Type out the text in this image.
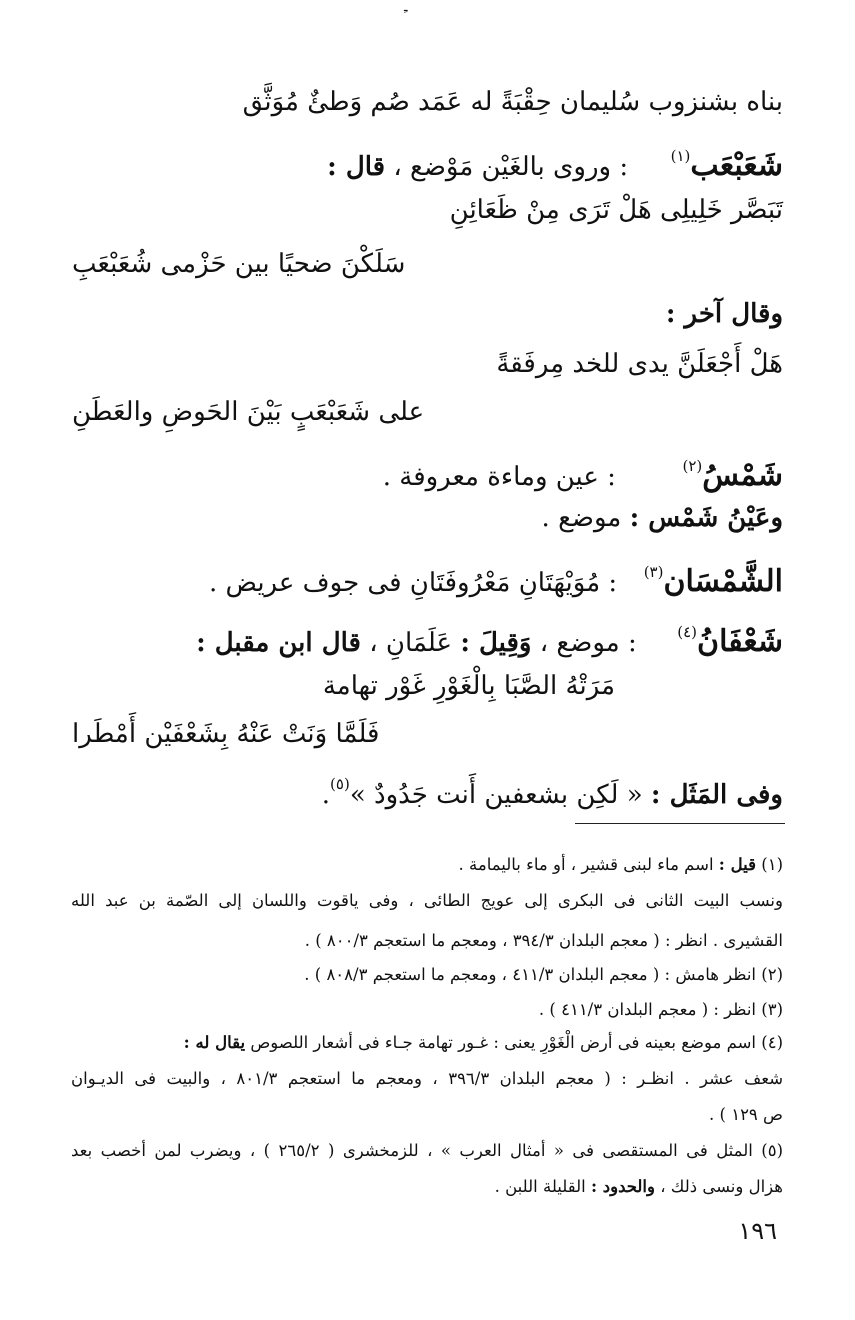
ـِ
بناه بشنزوب سُليمان حِقْبَةً له عَمَد صُم وَطئٌ مُوَثَّق
شَعَبْعَب$^{(١)}$  : وروى بالغَيْن مَوْضع ، قال :
تَبَصَّر خَلِيلِى هَلْ تَرَى مِنْ ظَعَائِنِ
سَلَكْنَ ضحيًا بين حَزْمى شُعَبْعَبِ
وقال آخر :
هَلْ أَجْعَلَنَّ يدى للخد مِرفَقةً
على شَعَبْعَبٍ بَيْنَ الحَوضِ والعَطَنِ
شَمْسُ$^{(٢)}$  : عين وماءة معروفة .
وعَيْنُ شَمْس : موضع .
الشَّمْسَان$^{(٣)}$  : مُوَيْهَتَانِ مَعْرُوفَتَانِ فى جوف عريض .
شَعْفَانُ$^{(٤)}$  : موضع ، وَقِيلَ : عَلَمَانِ ، قال ابن مقبل :
مَرَتْهُ الصَّبَا بِالْغَوْرِ غَوْر تهامة
فَلَمَّا وَنَتْ عَنْهُ بِشَعْفَيْن أَمْطَرا
وفى المَثَل : « لَكِن بشعفين أَنت جَدُودٌ »$^{(٥)}$.
(١) قيل : اسم ماء لبنى قشير ، أو ماء باليمامة .
ونسب البيت الثانى فى البكرى إلى عويج الطائى ، وفى ياقوت واللسان إلى الصّمة بن عبد الله
القشيرى . انظر : ( معجم البلدان ٣٩٤/٣ ، ومعجم ما استعجم ٨٠٠/٣ ) .
(٢) انظر هامش : ( معجم البلدان ٤١١/٣ ، ومعجم ما استعجم ٨٠٨/٣ ) .
(٣) انظر : ( معجم البلدان ٤١١/٣ ) .
(٤) اسم موضع بعينه فى أرض الْغَوْرِ يعنى : غـور تهامة جـاء فى أشعار اللصوص يقال له :
شعف عشر . انظـر : ( معجم البلدان ٣٩٦/٣ ، ومعجم ما استعجم ٨٠١/٣ ، والبيت فى الديـوان
ص ١٢٩ ) .
(٥) المثل فى المستقصى فى « أمثال العرب » ، للزمخشرى ( ٢٦٥/٢ ) ، ويضرب لمن أخصب بعد
هزال ونسى ذلك ، والحدود : القليلة اللبن .
١٩٦
